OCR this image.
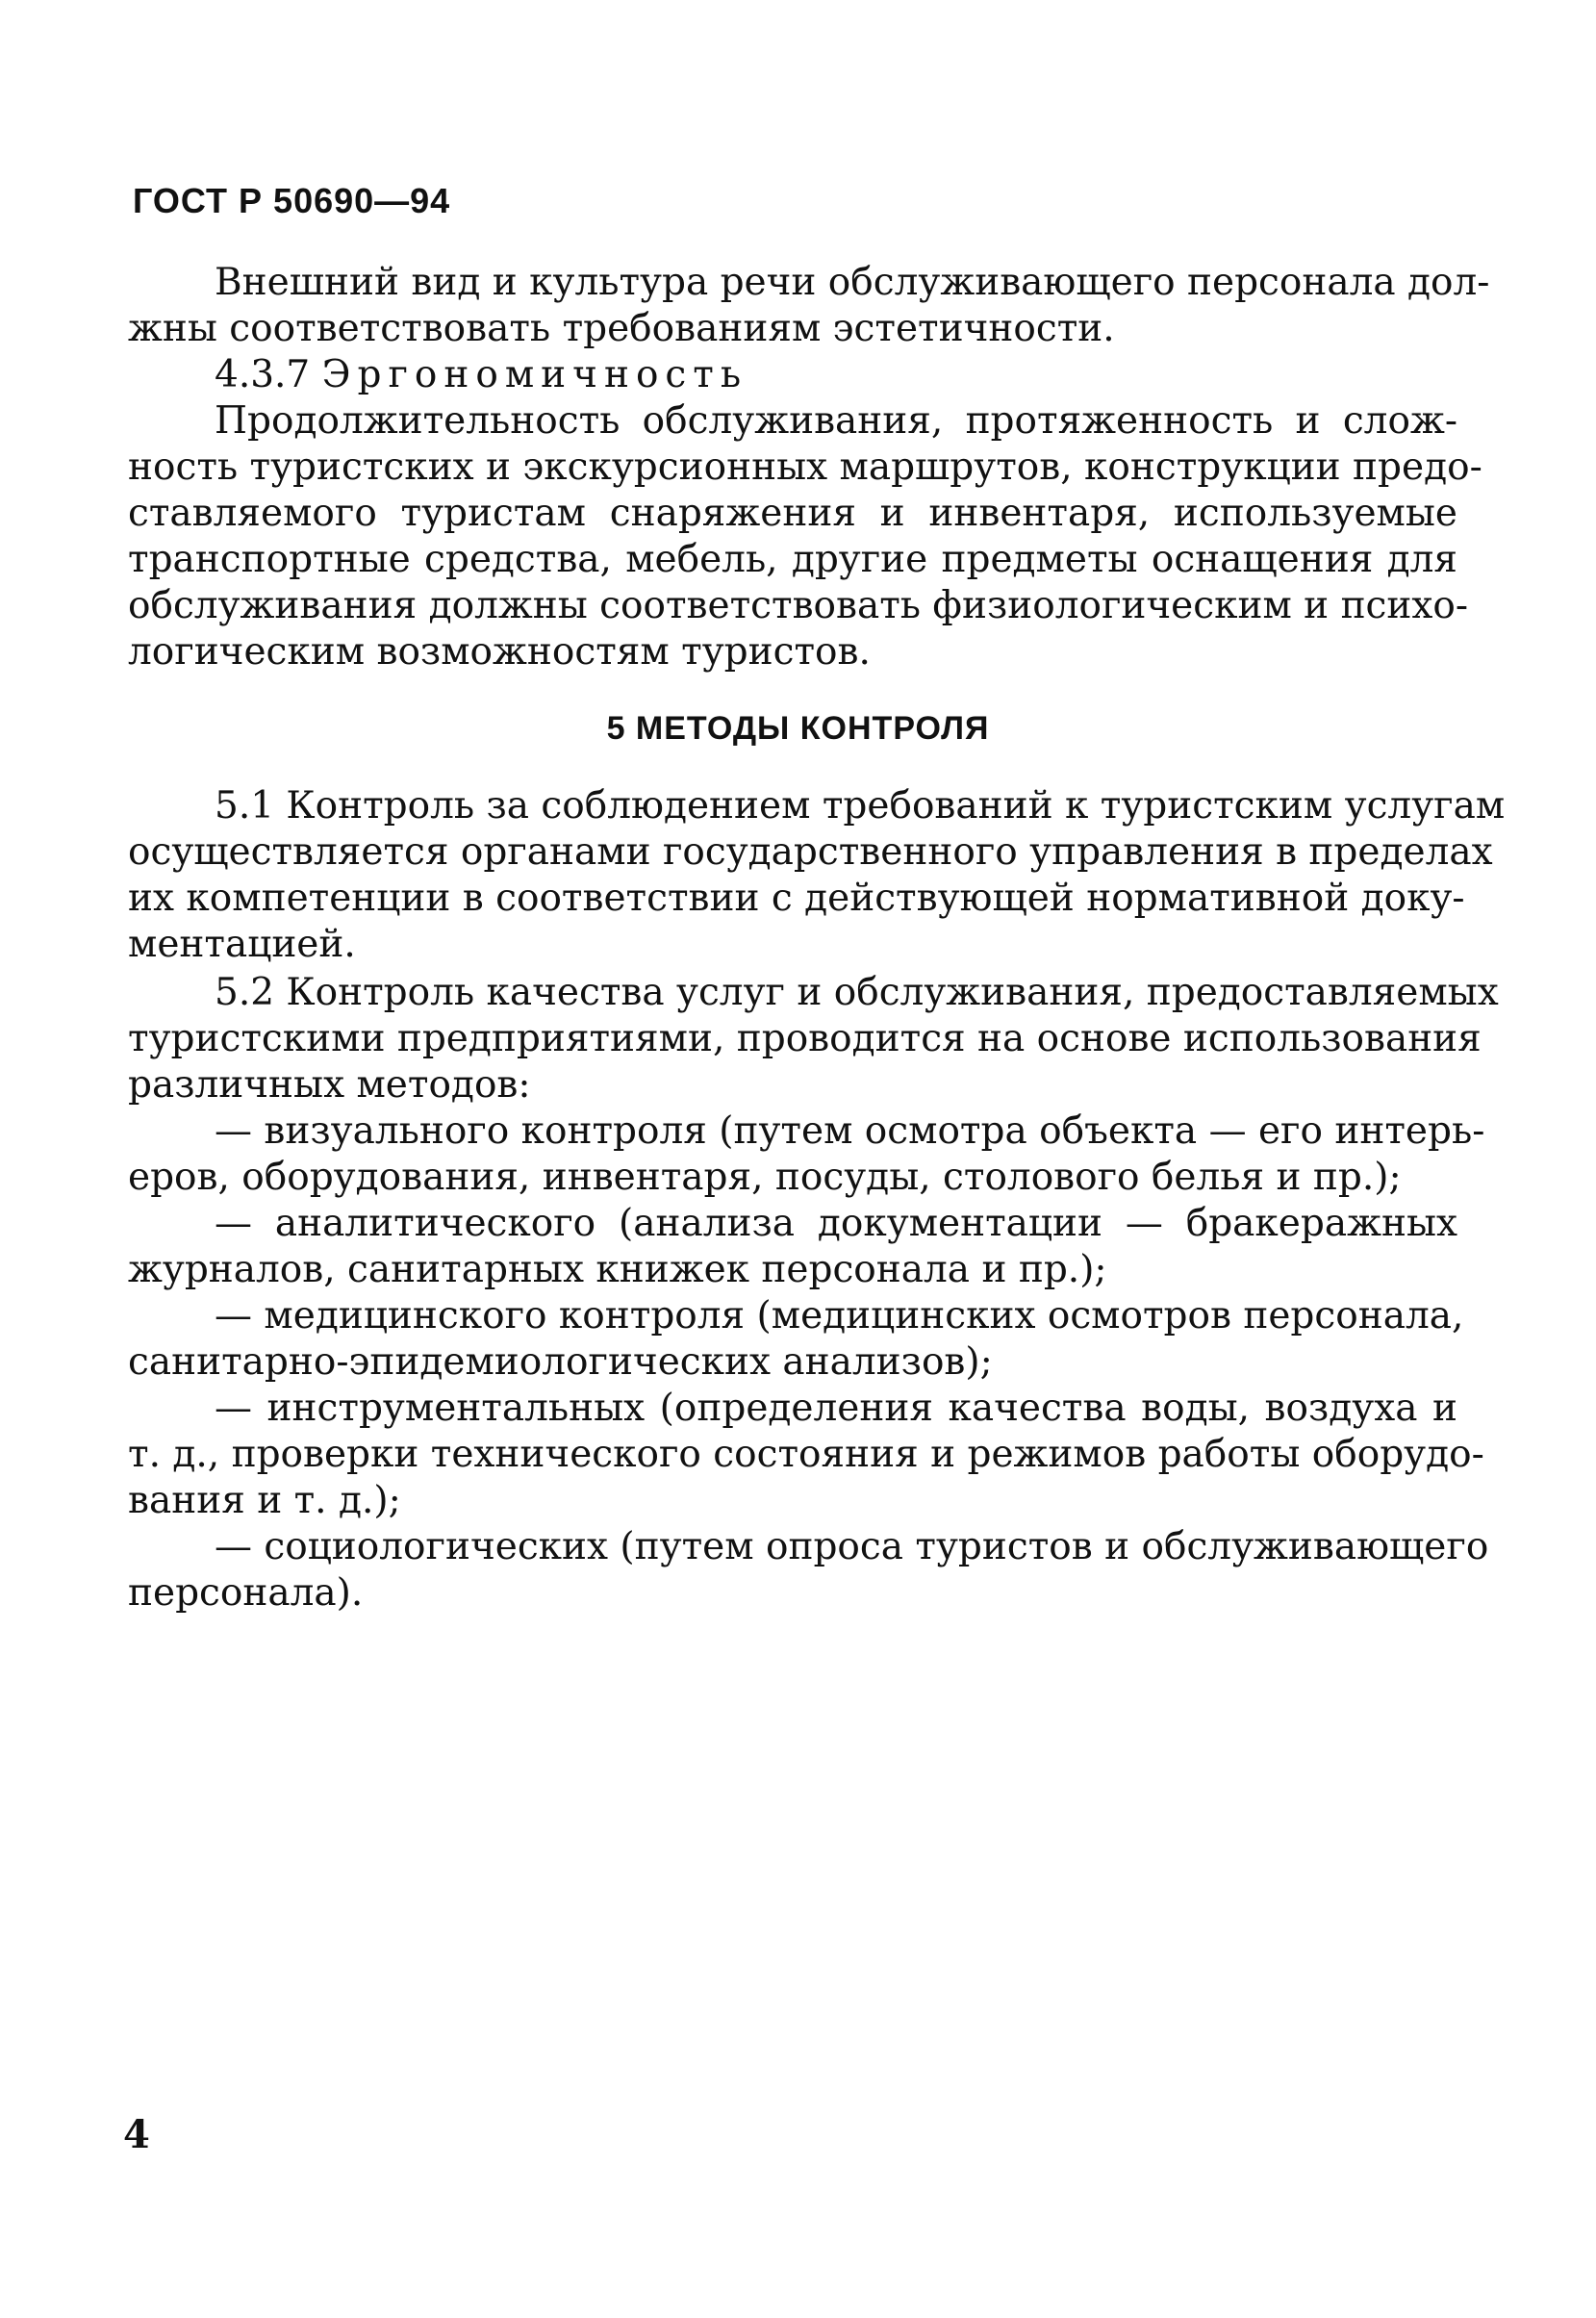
ГОСТ Р 50690—94
Внешний вид и культура речи обслуживающего персонала дол-
жны соответствовать требованиям эстетичности.
4.3.7 Эргономичность
Продолжительность обслуживания, протяженность и слож-
ность туристских и экскурсионных маршрутов, конструкции предо-
ставляемого туристам снаряжения и инвентаря, используемые
транспортные средства, мебель, другие предметы оснащения для
обслуживания должны соответствовать физиологическим и психо-
логическим возможностям туристов.
5.1 Контроль за соблюдением требований к туристским услугам
осуществляется органами государственного управления в пределах
их компетенции в соответствии с действующей нормативной доку-
ментацией.
5.2 Контроль качества услуг и обслуживания, предоставляемых
туристскими предприятиями, проводится на основе использования
различных методов:
— визуального контроля (путем осмотра объекта — его интерь-
еров, оборудования, инвентаря, посуды, столового белья и пр.);
— аналитического (анализа документации — бракеражных
журналов, санитарных книжек персонала и пр.);
— медицинского контроля (медицинских осмотров персонала,
санитарно-эпидемиологических анализов);
— инструментальных (определения качества воды, воздуха и
т. д., проверки технического состояния и режимов работы оборудо-
вания и т. д.);
— социологических (путем опроса туристов и обслуживающего
персонала).
5 МЕТОДЫ КОНТРОЛЯ
4
